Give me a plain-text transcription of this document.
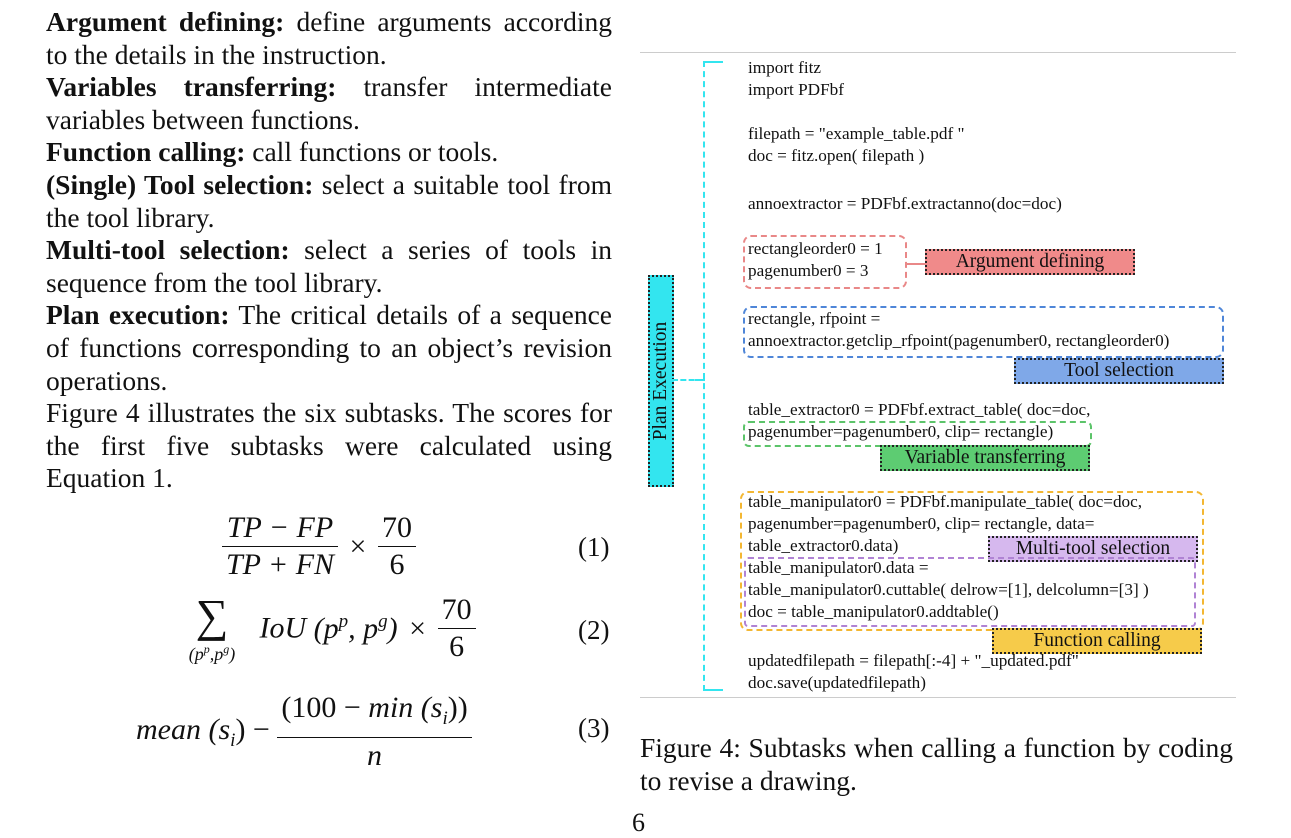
Argument defining: define arguments according to the details in the instruction.

Variables transferring: transfer intermediate variables between functions.

Function calling: call functions or tools.

(Single) Tool selection: select a suitable tool from the tool library.

Multi-tool selection: select a series of tools in sequence from the tool library.

Plan execution: The critical details of a sequence of functions corresponding to an object’s revision operations.

Figure 4 illustrates the six subtasks. The scores for the first five subtasks were calculated using Equation 1.

$\frac{TP - FP}{TP + FN} \times \frac{70}{6}$	(1)
∑
$(p^p,p^g)$
IoU ($p^p$, $p^g) \times \frac{70}{6}$	(2)
mean $(s_i) - \frac{(100 - \min (s_i))}{n}$	(3)
Plan Execution
import fitz
import PDFbf
filepath = "example_table.pdf "
doc = fitz.open( filepath )
annoextractor = PDFbf.extractanno(doc=doc)
rectangleorder0 = 1
pagenumber0 = 3	Argument defining
rectangle, rfpoint =
annoextractor.getclip_rfpoint(pagenumber0, rectangleorder0)
Tool selection
table_extractor0 = PDFbf.extract_table( doc=doc,
pagenumber=pagenumber0, clip= rectangle)
Variable transferring
table_manipulator0 = PDFbf.manipulate_table( doc=doc,
pagenumber=pagenumber0, clip= rectangle, data=
table_extractor0.data)	Multi-tool selection
table_manipulator0.data =
table_manipulator0.cuttable( delrow=[1], delcolumn=[3] )
doc = table_manipulator0.addtable()
Function calling
updatedfilepath = filepath[:-4] + "_updated.pdf"
doc.save(updatedfilepath)
Figure 4: Subtasks when calling a function by coding to revise a drawing.
6
